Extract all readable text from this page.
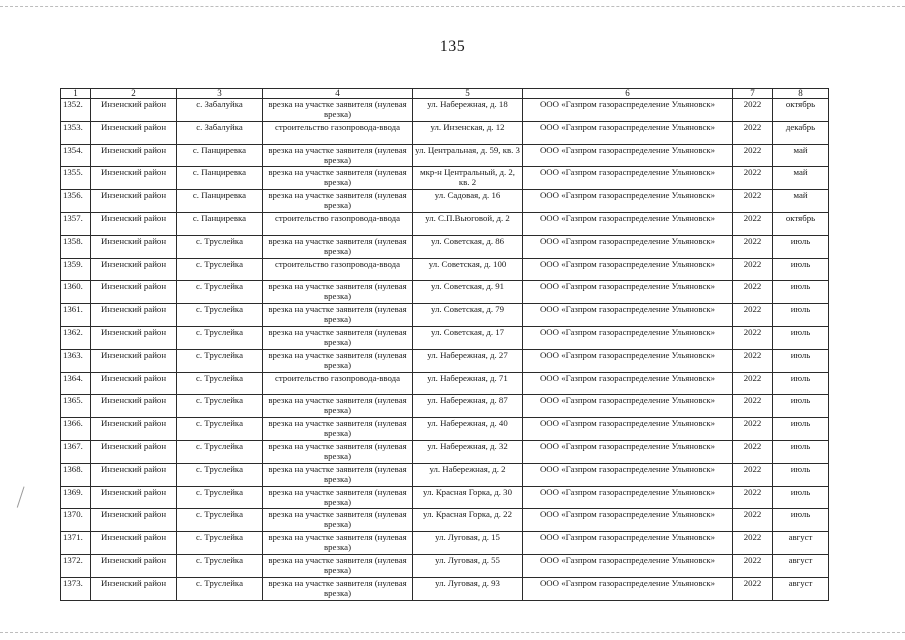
135
1	2	3	4	5	6	7	8
1352.	Инзенский район	с. Забалуйка	врезка на участке заявителя (нулевая врезка)	ул. Набережная, д. 18	ООО «Газпром газораспределение Ульяновск»	2022	октябрь
1353.	Инзенский район	с. Забалуйка	строительство газопровода-ввода	ул. Инзенская, д. 12	ООО «Газпром газораспределение Ульяновск»	2022	декабрь
1354.	Инзенский район	с. Панциревка	врезка на участке заявителя (нулевая врезка)	ул. Центральная, д. 59, кв. 3	ООО «Газпром газораспределение Ульяновск»	2022	май
1355.	Инзенский район	с. Панциревка	врезка на участке заявителя (нулевая врезка)	мкр-н Центральный, д. 2, кв. 2	ООО «Газпром газораспределение Ульяновск»	2022	май
1356.	Инзенский район	с. Панциревка	врезка на участке заявителя (нулевая врезка)	ул. Садовая, д. 16	ООО «Газпром газораспределение Ульяновск»	2022	май
1357.	Инзенский район	с. Панциревка	строительство газопровода-ввода	ул. С.П.Вьюговой, д. 2	ООО «Газпром газораспределение Ульяновск»	2022	октябрь
1358.	Инзенский район	с. Труслейка	врезка на участке заявителя (нулевая врезка)	ул. Советская, д. 86	ООО «Газпром газораспределение Ульяновск»	2022	июль
1359.	Инзенский район	с. Труслейка	строительство газопровода-ввода	ул. Советская, д. 100	ООО «Газпром газораспределение Ульяновск»	2022	июль
1360.	Инзенский район	с. Труслейка	врезка на участке заявителя (нулевая врезка)	ул. Советская, д. 91	ООО «Газпром газораспределение Ульяновск»	2022	июль
1361.	Инзенский район	с. Труслейка	врезка на участке заявителя (нулевая врезка)	ул. Советская, д. 79	ООО «Газпром газораспределение Ульяновск»	2022	июль
1362.	Инзенский район	с. Труслейка	врезка на участке заявителя (нулевая врезка)	ул. Советская, д. 17	ООО «Газпром газораспределение Ульяновск»	2022	июль
1363.	Инзенский район	с. Труслейка	врезка на участке заявителя (нулевая врезка)	ул. Набережная, д. 27	ООО «Газпром газораспределение Ульяновск»	2022	июль
1364.	Инзенский район	с. Труслейка	строительство газопровода-ввода	ул. Набережная, д. 71	ООО «Газпром газораспределение Ульяновск»	2022	июль
1365.	Инзенский район	с. Труслейка	врезка на участке заявителя (нулевая врезка)	ул. Набережная, д. 87	ООО «Газпром газораспределение Ульяновск»	2022	июль
1366.	Инзенский район	с. Труслейка	врезка на участке заявителя (нулевая врезка)	ул. Набережная, д. 40	ООО «Газпром газораспределение Ульяновск»	2022	июль
1367.	Инзенский район	с. Труслейка	врезка на участке заявителя (нулевая врезка)	ул. Набережная, д. 32	ООО «Газпром газораспределение Ульяновск»	2022	июль
1368.	Инзенский район	с. Труслейка	врезка на участке заявителя (нулевая врезка)	ул. Набережная, д. 2	ООО «Газпром газораспределение Ульяновск»	2022	июль
1369.	Инзенский район	с. Труслейка	врезка на участке заявителя (нулевая врезка)	ул. Красная Горка, д. 30	ООО «Газпром газораспределение Ульяновск»	2022	июль
1370.	Инзенский район	с. Труслейка	врезка на участке заявителя (нулевая врезка)	ул. Красная Горка, д. 22	ООО «Газпром газораспределение Ульяновск»	2022	июль
1371.	Инзенский район	с. Труслейка	врезка на участке заявителя (нулевая врезка)	ул. Луговая, д. 15	ООО «Газпром газораспределение Ульяновск»	2022	август
1372.	Инзенский район	с. Труслейка	врезка на участке заявителя (нулевая врезка)	ул. Луговая, д. 55	ООО «Газпром газораспределение Ульяновск»	2022	август
1373.	Инзенский район	с. Труслейка	врезка на участке заявителя (нулевая врезка)	ул. Луговая, д. 93	ООО «Газпром газораспределение Ульяновск»	2022	август
